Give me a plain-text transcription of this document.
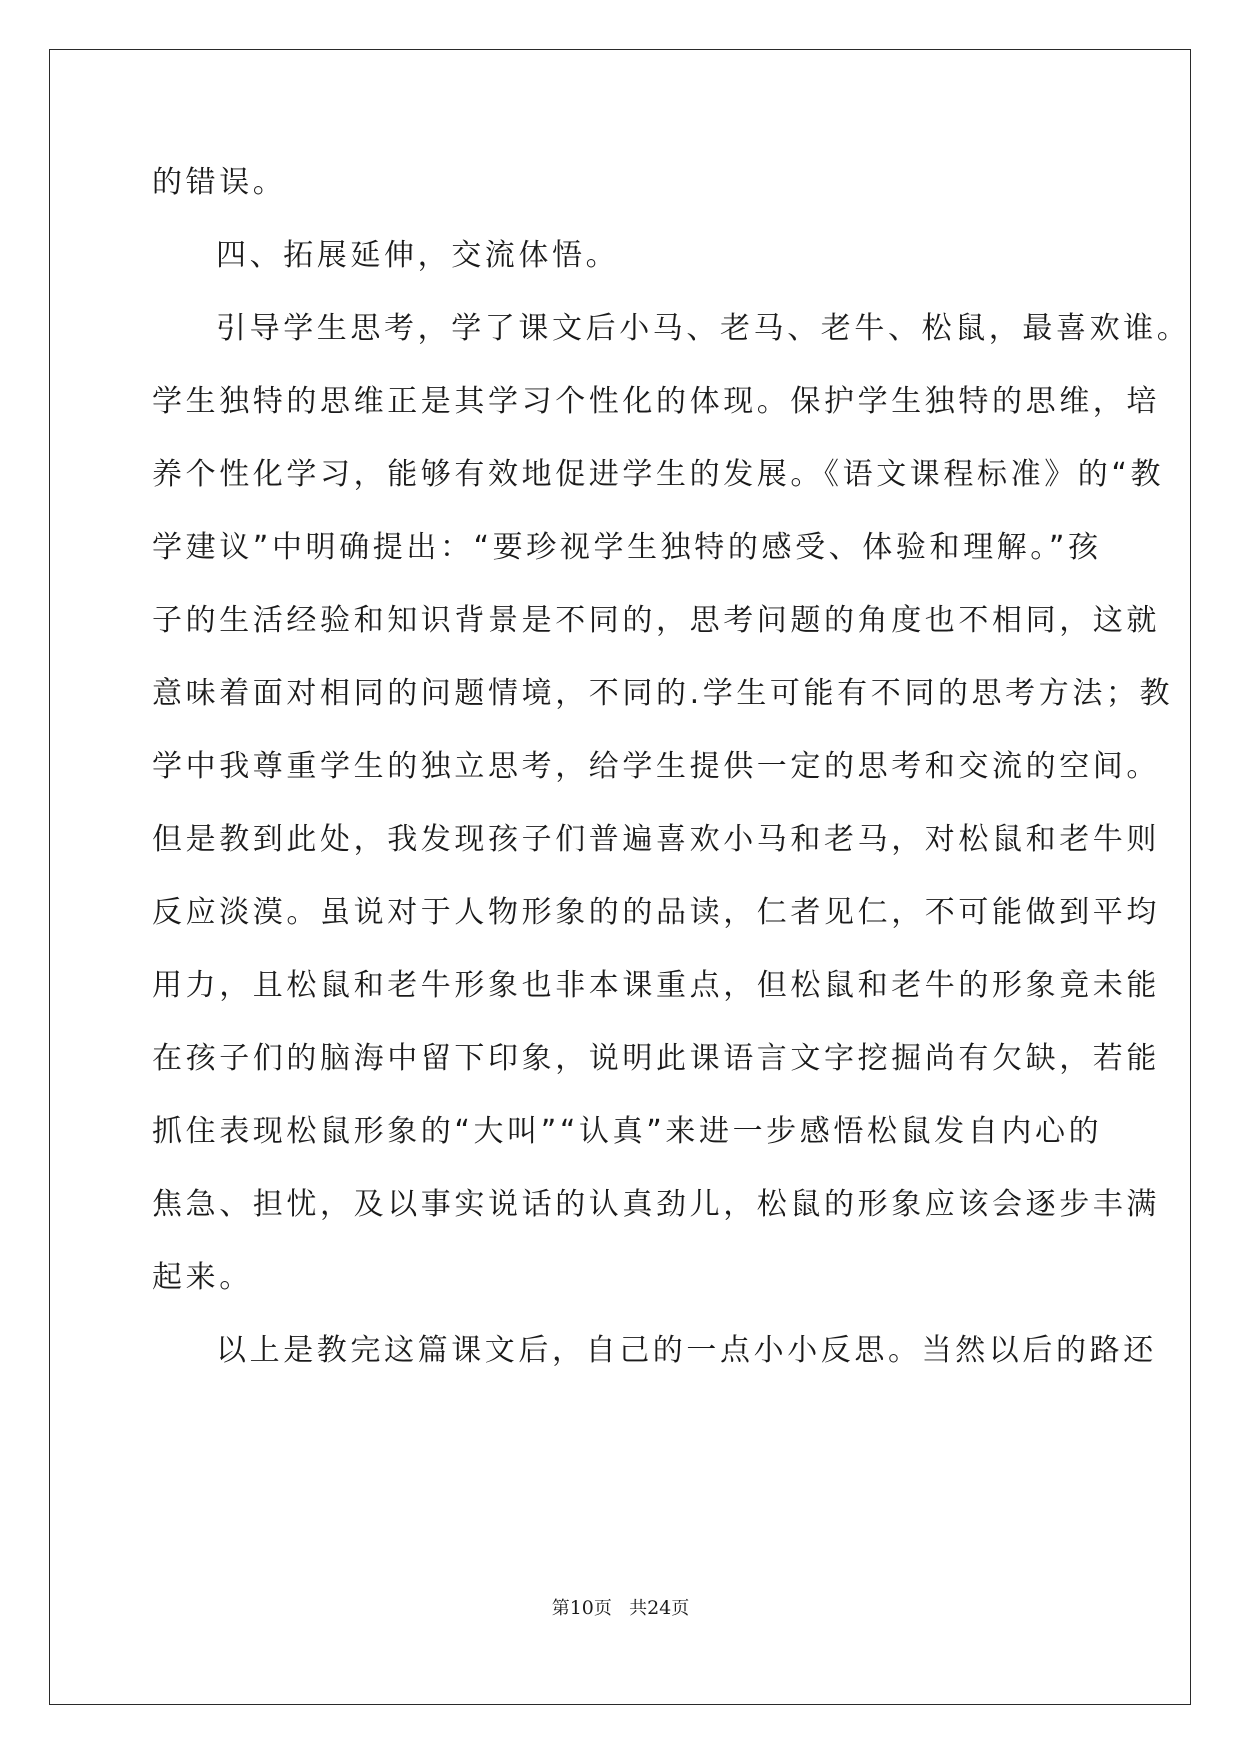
的错误。
四、拓展延伸，交流体悟。
引导学生思考，学了课文后小马、老马、老牛、松鼠，最喜欢谁。
学生独特的思维正是其学习个性化的体现。保护学生独特的思维，培
养个性化学习，能够有效地促进学生的发展。《语文课程标准》的“教
学建议”中明确提出：“要珍视学生独特的感受、体验和理解。”孩
子的生活经验和知识背景是不同的，思考问题的角度也不相同，这就
意味着面对相同的问题情境，不同的.学生可能有不同的思考方法；教
学中我尊重学生的独立思考，给学生提供一定的思考和交流的空间。
但是教到此处，我发现孩子们普遍喜欢小马和老马，对松鼠和老牛则
反应淡漠。虽说对于人物形象的的品读，仁者见仁，不可能做到平均
用力，且松鼠和老牛形象也非本课重点，但松鼠和老牛的形象竟未能
在孩子们的脑海中留下印象，说明此课语言文字挖掘尚有欠缺，若能
抓住表现松鼠形象的“大叫”“认真”来进一步感悟松鼠发自内心的
焦急、担忧，及以事实说话的认真劲儿，松鼠的形象应该会逐步丰满
起来。
以上是教完这篇课文后，自己的一点小小反思。当然以后的路还
第10页 共24页
